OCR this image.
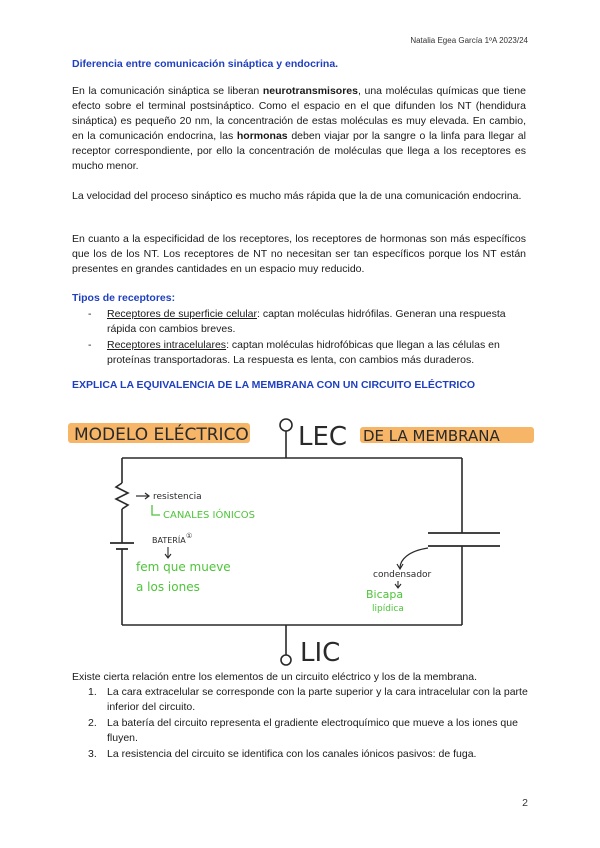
Natalia Egea García 1ºA 2023/24
Diferencia entre comunicación sináptica y endocrina.
En la comunicación sináptica se liberan neurotransmisores, una moléculas químicas que tiene efecto sobre el terminal postsináptico. Como el espacio en el que difunden los NT (hendidura sináptica) es pequeño 20 nm, la concentración de estas moléculas es muy elevada. En cambio, en la comunicación endocrina, las hormonas deben viajar por la sangre o la linfa para llegar al receptor correspondiente, por ello la concentración de moléculas que llega a los receptores es mucho menor.
La velocidad del proceso sináptico es mucho más rápida que la de una comunicación endocrina.
En cuanto a la especificidad de los receptores, los receptores de hormonas son más específicos que los de los NT. Los receptores de NT no necesitan ser tan específicos porque los NT están presentes en grandes cantidades en un espacio muy reducido.
Tipos de receptores:
- Receptores de superficie celular: captan moléculas hidrófilas. Generan una respuesta rápida con cambios breves.
- Receptores intracelulares: captan moléculas hidrofóbicas que llegan a las células en proteínas transportadoras. La respuesta es lenta, con cambios más duraderos.
EXPLICA LA EQUIVALENCIA DE LA MEMBRANA CON UN CIRCUITO ELÉCTRICO
MODELO ELÉCTRICO LEC DE LA MEMBRANA
resistencia
CANALES IÓNICOS
BATERÍA ①
fem que mueve
a los iones
condensador
Bicapa
lipídica
LIC
Existe cierta relación entre los elementos de un circuito eléctrico y los de la membrana.
1. La cara extracelular se corresponde con la parte superior y la cara intracelular con la parte inferior del circuito.
2. La batería del circuito representa el gradiente electroquímico que mueve a los iones que fluyen.
3. La resistencia del circuito se identifica con los canales iónicos pasivos: de fuga.
2
